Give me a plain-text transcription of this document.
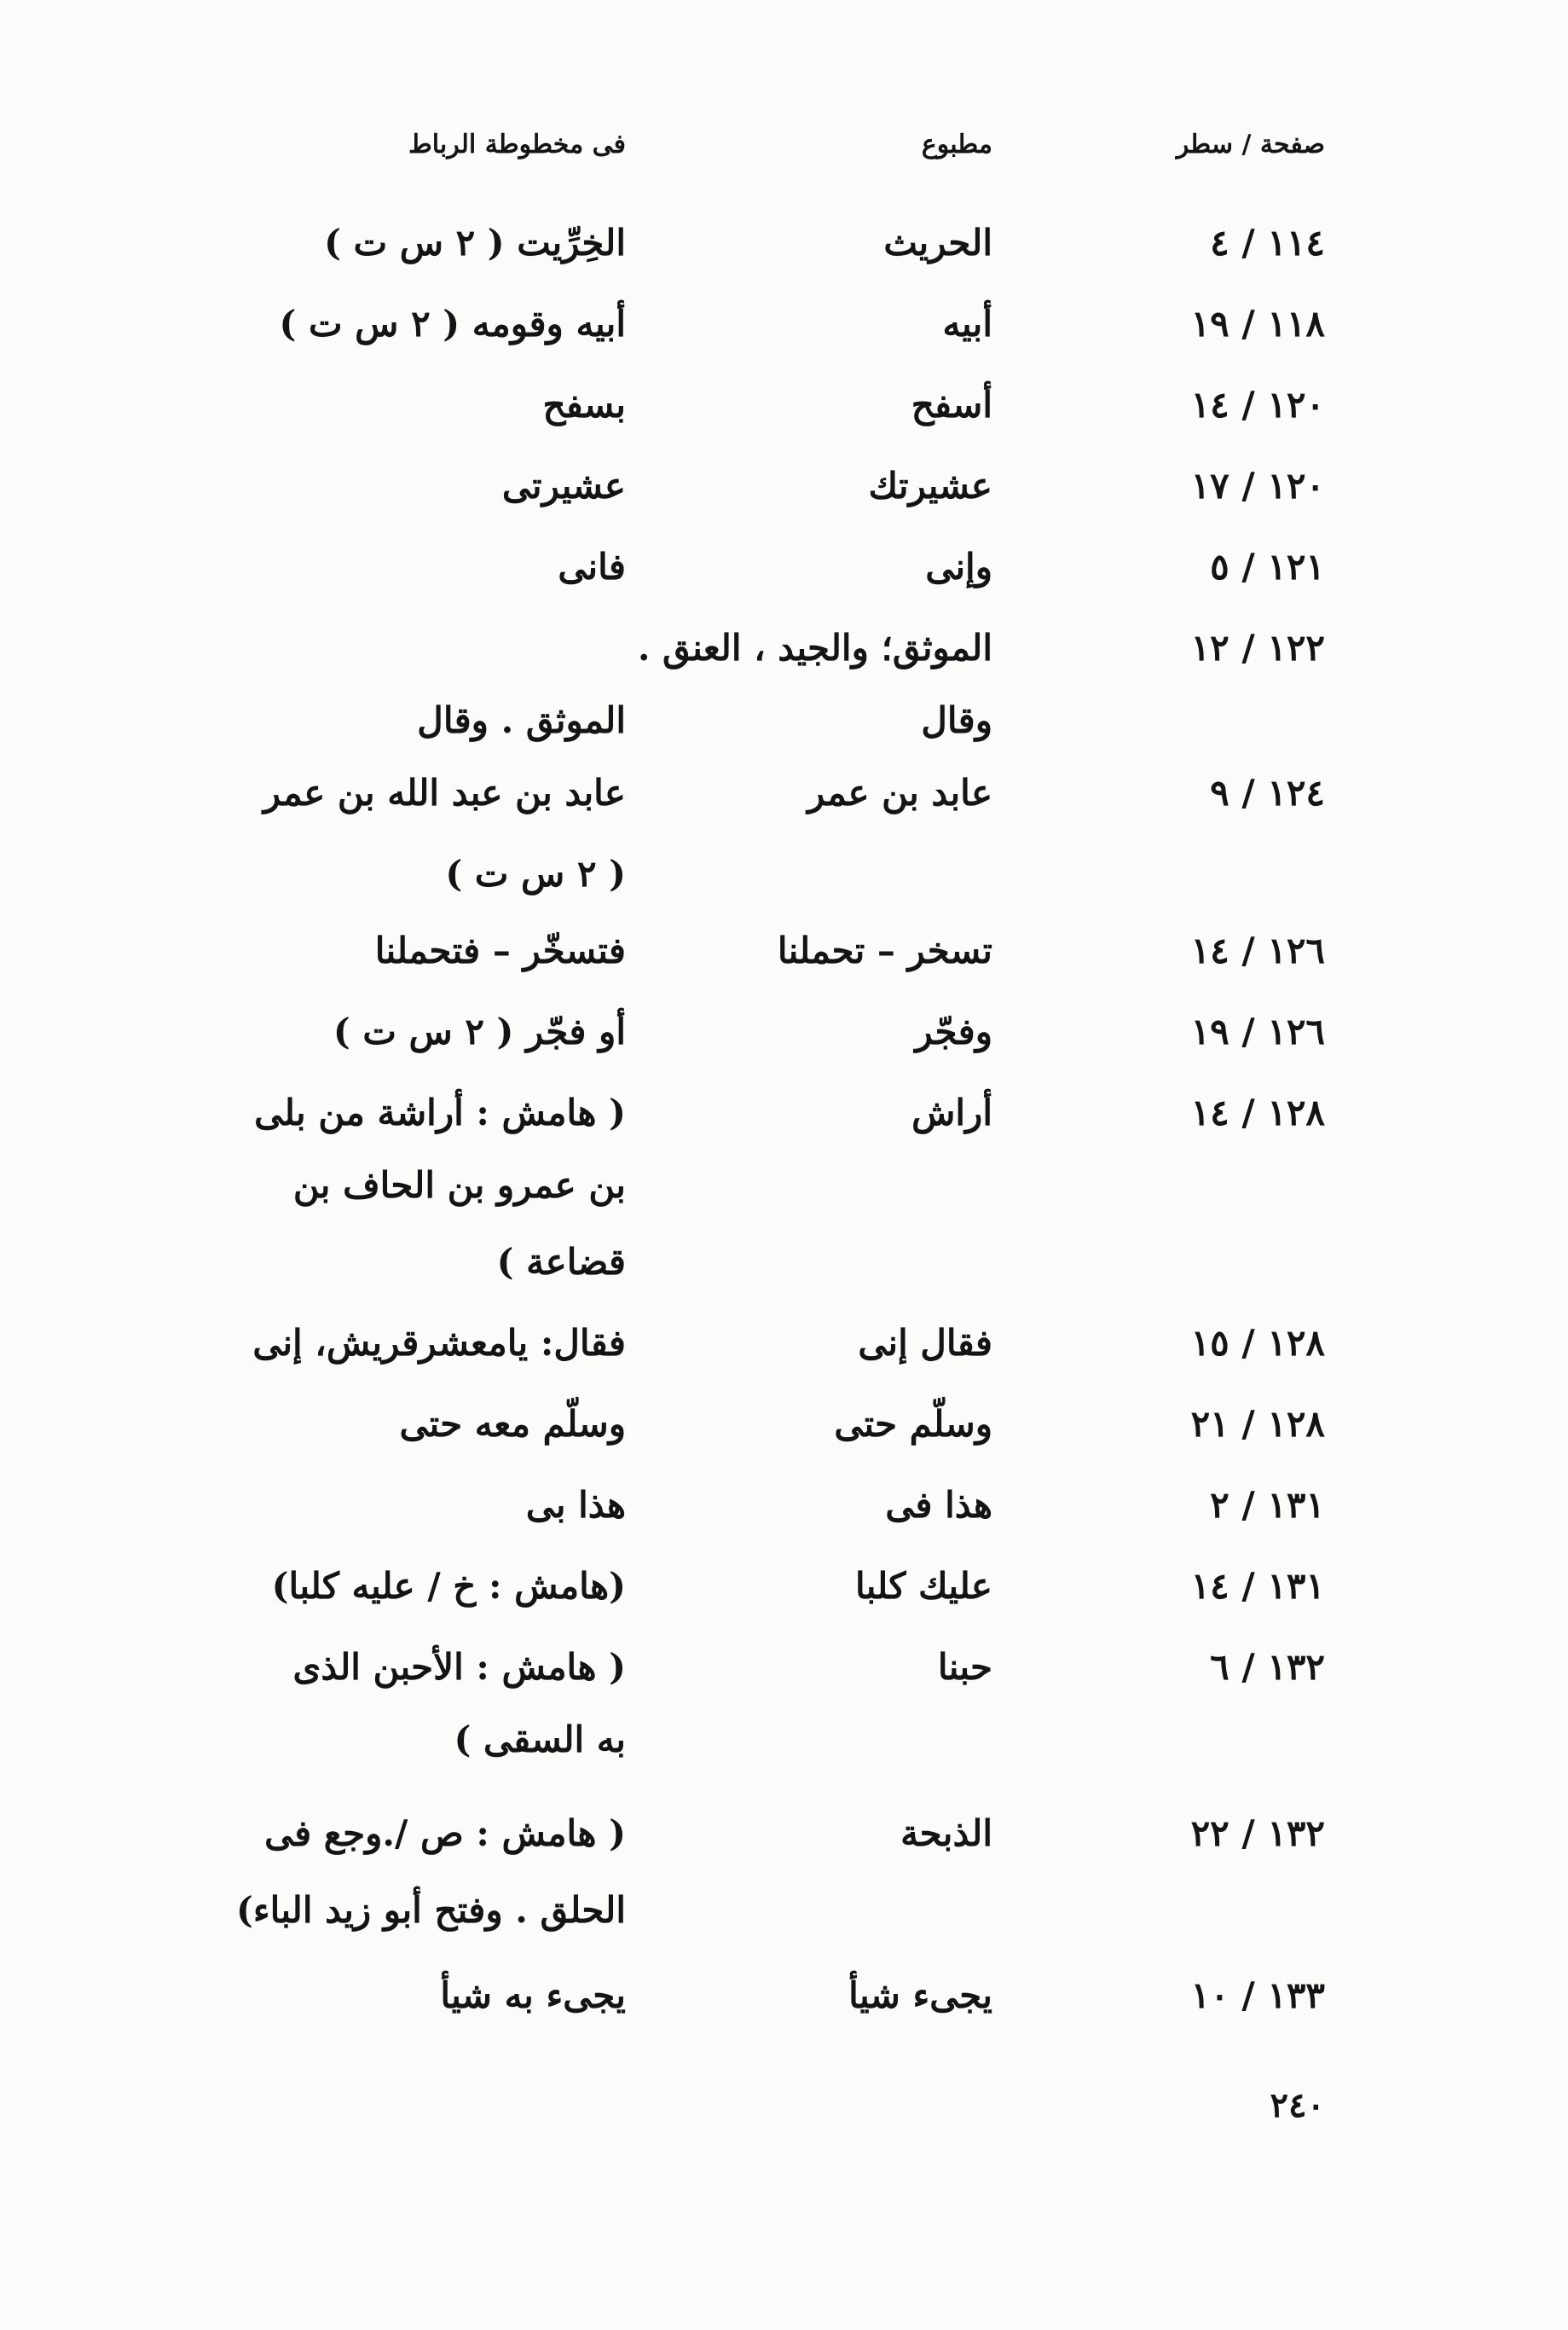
صفحة / سطر
مطبوع
فى مخطوطة الرباط
١١٤ / ٤
الحريث
الخِرِّيت ( ٢ س ت )
١١٨ / ١٩
أبيه
أبيه وقومه ( ٢ س ت )
١٢٠ / ١٤
أسفح
بسفح
١٢٠ / ١٧
عشيرتك
عشيرتى
١٢١ / ٥
وإنى
فانى
١٢٢ / ١٢
الموثق؛ والجيد ، العنق .
وقال
الموثق . وقال
١٢٤ / ٩
عابد بن عمر
عابد بن عبد الله بن عمر
( ٢ س ت )
١٢٦ / ١٤
تسخر – تحملنا
فتسخّر – فتحملنا
١٢٦ / ١٩
وفجّر
أو فجّر ( ٢ س ت )
١٢٨ / ١٤
أراش
( هامش : أراشة من بلى
بن عمرو بن الحاف بن
قضاعة )
١٢٨ / ١٥
فقال إنى
فقال: يامعشرقريش، إنى
١٢٨ / ٢١
وسلّم حتى
وسلّم معه حتى
١٣١ / ٢
هذا فى
هذا بى
١٣١ / ١٤
عليك كلبا
(هامش : خ / عليه كلبا)
١٣٢ / ٦
حبنا
( هامش : الأحبن الذى
به السقى )
١٣٢ / ٢٢
الذبحة
( هامش : ص /.وجع فى
الحلق . وفتح أبو زيد الباء)
١٣٣ / ١٠
يجىء شيأ
يجىء به شيأ
٢٤٠
